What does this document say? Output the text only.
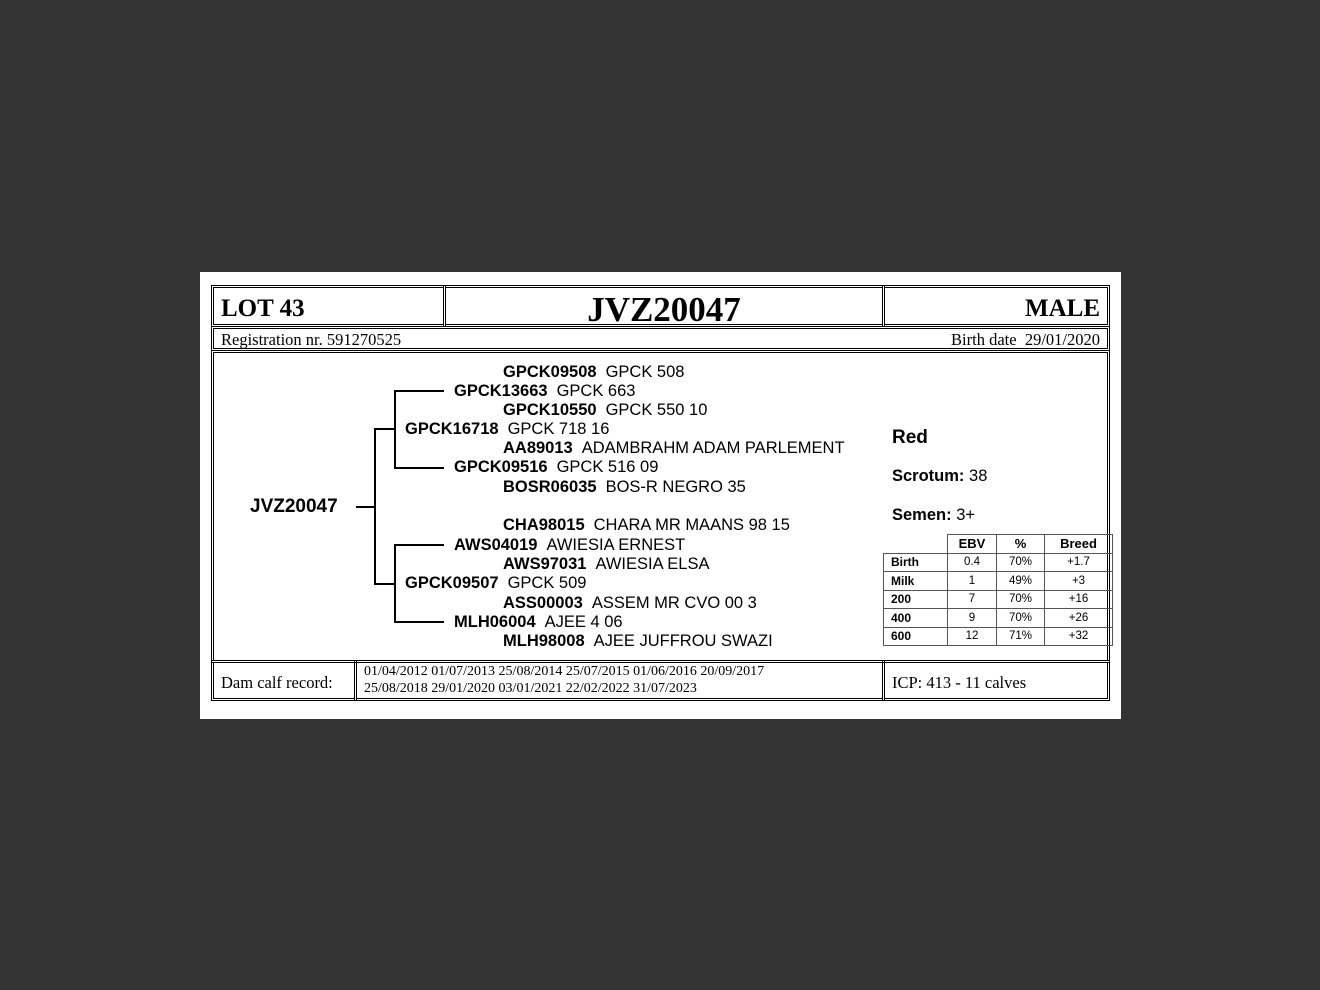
LOT 43	JVZ20047	MALE
Registration nr. 591270525	Birth date 29/01/2020
JVZ20047
GPCK09508 GPCK 508
GPCK13663 GPCK 663
GPCK10550 GPCK 550 10
GPCK16718 GPCK 718 16
AA89013 ADAMBRAHM ADAM PARLEMENT
GPCK09516 GPCK 516 09
BOSR06035 BOS-R NEGRO 35
CHA98015 CHARA MR MAANS 98 15
AWS04019 AWIESIA ERNEST
AWS97031 AWIESIA ELSA
GPCK09507 GPCK 509
ASS00003 ASSEM MR CVO 00 3
MLH06004 AJEE 4 06
MLH98008 AJEE JUFFROU SWAZI
Red
Scrotum: 38
Semen: 3+
	EBV	%	Breed
Birth	0.4	70%	+1.7
Milk	1	49%	+3
200	7	70%	+16
400	9	70%	+26
600	12	71%	+32
Dam calf record:
01/04/2012 01/07/2013 25/08/2014 25/07/2015 01/06/2016 20/09/2017
25/08/2018 29/01/2020 03/01/2021 22/02/2022 31/07/2023	ICP: 413 - 11 calves
